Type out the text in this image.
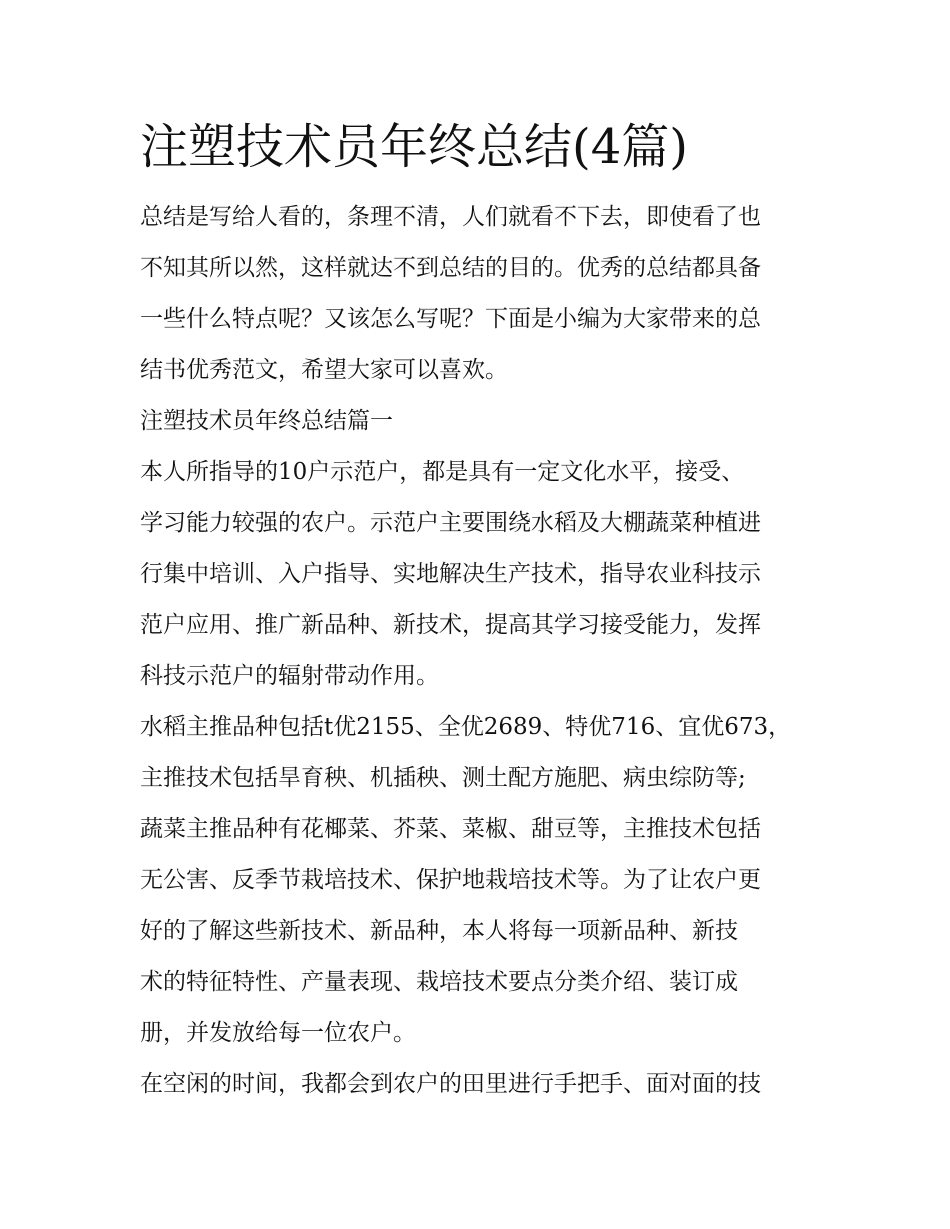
注塑技术员年终总结(4篇)
总结是写给人看的，条理不清，人们就看不下去，即使看了也
不知其所以然，这样就达不到总结的目的。优秀的总结都具备
一些什么特点呢？又该怎么写呢？下面是小编为大家带来的总
结书优秀范文，希望大家可以喜欢。
注塑技术员年终总结篇一
本人所指导的10户示范户，都是具有一定文化水平，接受、
学习能力较强的农户。示范户主要围绕水稻及大棚蔬菜种植进
行集中培训、入户指导、实地解决生产技术，指导农业科技示
范户应用、推广新品种、新技术，提高其学习接受能力，发挥
科技示范户的辐射带动作用。
水稻主推品种包括t优2155、全优2689、特优716、宜优673，
主推技术包括旱育秧、机插秧、测土配方施肥、病虫综防等;
蔬菜主推品种有花椰菜、芥菜、菜椒、甜豆等，主推技术包括
无公害、反季节栽培技术、保护地栽培技术等。为了让农户更
好的了解这些新技术、新品种，本人将每一项新品种、新技
术的特征特性、产量表现、栽培技术要点分类介绍、装订成
册，并发放给每一位农户。
在空闲的时间，我都会到农户的田里进行手把手、面对面的技
